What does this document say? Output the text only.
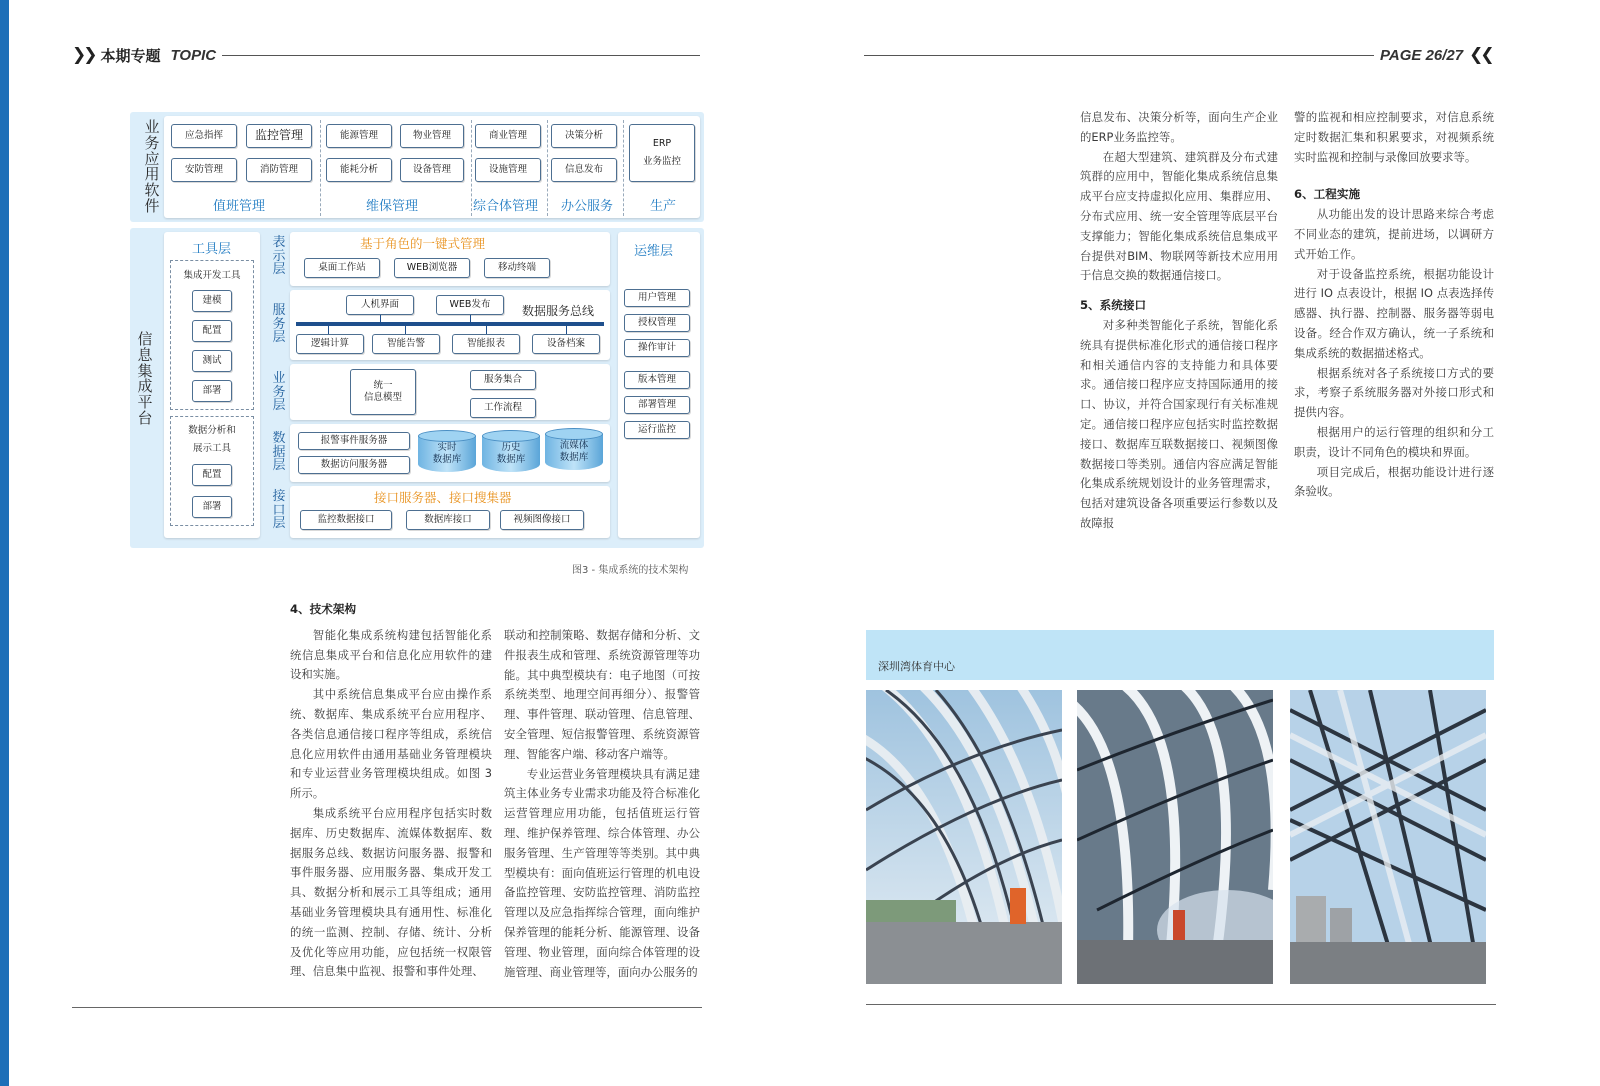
❯❯ 本期专题 TOPIC	PAGE 26/27 ❮❮
业务应用软件
应急指挥	监控管理
安防管理	消防管理
能源管理	物业管理
能耗分析	设备管理
商业管理
设施管理
决策分析
信息发布
ERP
业务监控
值班管理	维保管理	综合体管理 办公服务	生产
信息集成平台
工具层
集成开发工具
建模
配置
测试
部署
数据分析和
展示工具
配置
部署
表示层
服务层
业务层
数据层
接口层
基于角色的一键式管理
桌面工作站	WEB浏览器	移动终端
人机界面	WEB发布	数据服务总线
逻辑计算	智能告警	智能报表	设备档案
统一
信息模型
服务集合
工作流程
报警事件服务器
数据访问服务器
实时
数据库
历史
数据库
流媒体
数据库
接口服务器、接口搜集器
监控数据接口	数据库接口	视频图像接口
运维层
用户管理
授权管理
操作审计
版本管理
部署管理
运行监控
图3 - 集成系统的技术架构
4、技术架构

智能化集成系统构建包括智能化系统信息集成平台和信息化应用软件的建设和实施。

其中系统信息集成平台应由操作系统、数据库、集成系统平台应用程序、各类信息通信接口程序等组成，系统信息化应用软件由通用基础业务管理模块和专业运营业务管理模块组成。如图 3 所示。

集成系统平台应用程序包括实时数据库、历史数据库、流媒体数据库、数据服务总线、数据访问服务器、报警和事件服务器、应用服务器、集成开发工具、数据分析和展示工具等组成；通用基础业务管理模块具有通用性、标准化的统一监测、控制、存储、统计、分析及优化等应用功能，应包括统一权限管理、信息集中监视、报警和事件处理、

联动和控制策略、数据存储和分析、文件报表生成和管理、系统资源管理等功能。其中典型模块有：电子地图（可按系统类型、地理空间再细分）、报警管理、事件管理、联动管理、信息管理、安全管理、短信报警管理、系统资源管理、智能客户端、移动客户端等。

专业运营业务管理模块具有满足建筑主体业务专业需求功能及符合标准化运营管理应用功能，包括值班运行管理、维护保养管理、综合体管理、办公服务管理、生产管理等等类别。其中典型模块有：面向值班运行管理的机电设备监控管理、安防监控管理、消防监控管理以及应急指挥综合管理，面向维护保养管理的能耗分析、能源管理、设备管理、物业管理，面向综合体管理的设施管理、商业管理等，面向办公服务的

信息发布、决策分析等，面向生产企业的ERP业务监控等。

在超大型建筑、建筑群及分布式建筑群的应用中，智能化集成系统信息集成平台应支持虚拟化应用、集群应用、分布式应用、统一安全管理等底层平台支撑能力；智能化集成系统信息集成平台提供对BIM、物联网等新技术应用用于信息交换的数据通信接口。

5、系统接口

对多种类智能化子系统，智能化系统具有提供标准化形式的通信接口程序和相关通信内容的支持能力和具体要求。通信接口程序应支持国际通用的接口、协议，并符合国家现行有关标准规定。通信接口程序应包括实时监控数据接口、数据库互联数据接口、视频图像数据接口等类别。通信内容应满足智能化集成系统规划设计的业务管理需求，包括对建筑设备各项重要运行参数以及故障报

警的监视和相应控制要求，对信息系统定时数据汇集和积累要求，对视频系统实时监视和控制与录像回放要求等。

6、工程实施

从功能出发的设计思路来综合考虑不同业态的建筑，提前进场，以调研方式开始工作。

对于设备监控系统，根据功能设计进行 IO 点表设计，根据 IO 点表选择传感器、执行器、控制器、服务器等弱电设备。经合作双方确认，统一子系统和集成系统的数据描述格式。

根据系统对各子系统接口方式的要求，考察子系统服务器对外接口形式和提供内容。

根据用户的运行管理的组织和分工职责，设计不同角色的模块和界面。

项目完成后，根据功能设计进行逐条验收。

深圳湾体育中心
